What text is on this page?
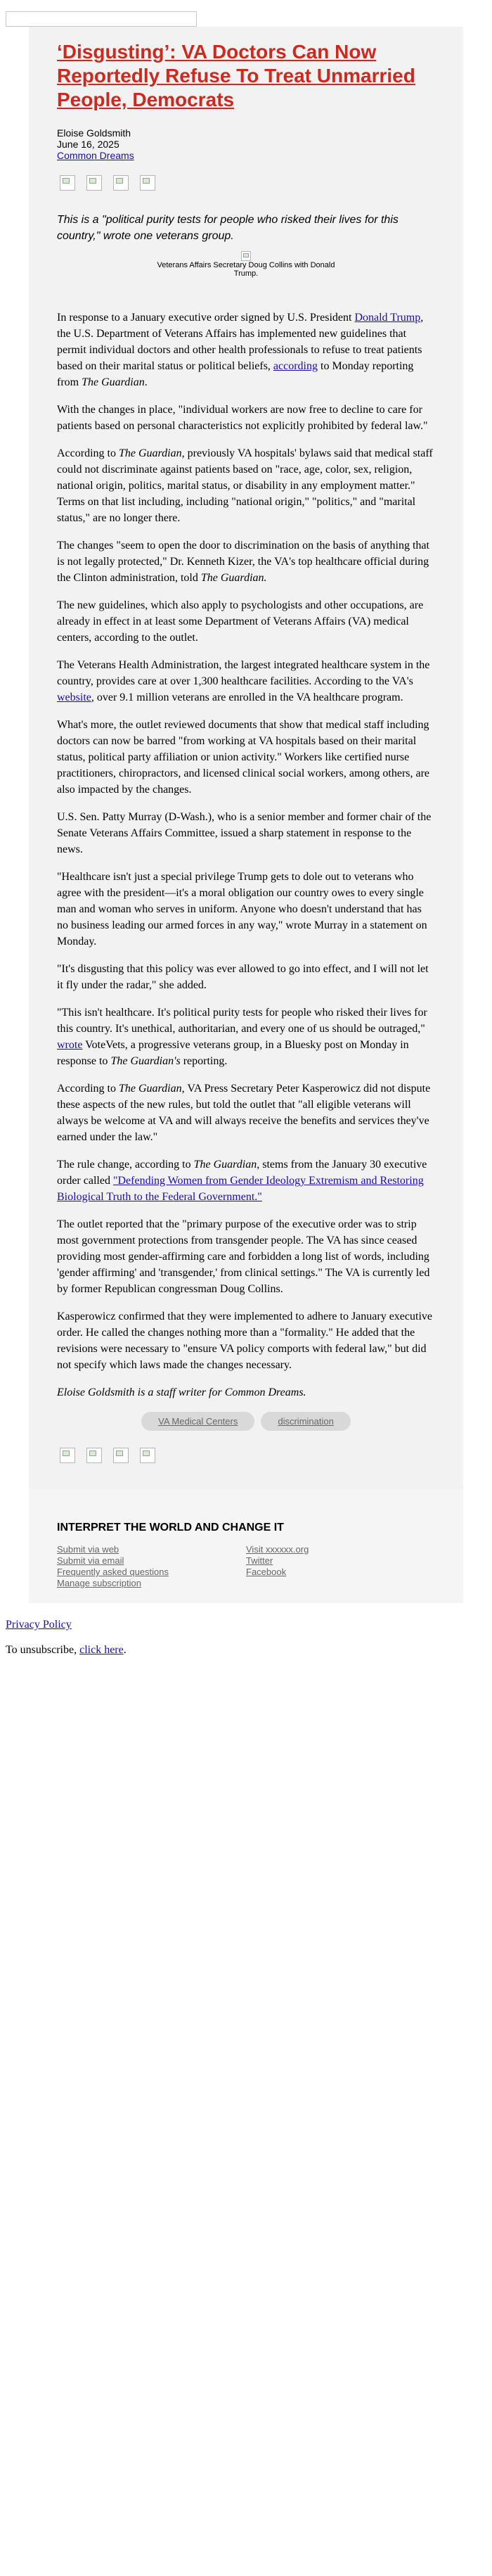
‘Disgusting’: VA Doctors Can Now Reportedly Refuse To Treat Unmarried People, Democrats
Eloise Goldsmith
June 16, 2025
Common Dreams

This is a "political purity tests for people who risked their lives for this country," wrote one veterans group.

Veterans Affairs Secretary Doug Collins with Donald Trump.

In response to a January executive order signed by U.S. President Donald Trump, the U.S. Department of Veterans Affairs has implemented new guidelines that permit individual doctors and other health professionals to refuse to treat patients based on their marital status or political beliefs, according to Monday reporting from The Guardian.

With the changes in place, "individual workers are now free to decline to care for patients based on personal characteristics not explicitly prohibited by federal law."

According to The Guardian, previously VA hospitals' bylaws said that medical staff could not discriminate against patients based on "race, age, color, sex, religion, national origin, politics, marital status, or disability in any employment matter." Terms on that list including, including "national origin," "politics," and "marital status," are no longer there.

The changes "seem to open the door to discrimination on the basis of anything that is not legally protected," Dr. Kenneth Kizer, the VA's top healthcare official during the Clinton administration, told The Guardian.

The new guidelines, which also apply to psychologists and other occupations, are already in effect in at least some Department of Veterans Affairs (VA) medical centers, according to the outlet.

The Veterans Health Administration, the largest integrated healthcare system in the country, provides care at over 1,300 healthcare facilities. According to the VA's website, over 9.1 million veterans are enrolled in the VA healthcare program.

What's more, the outlet reviewed documents that show that medical staff including doctors can now be barred "from working at VA hospitals based on their marital status, political party affiliation or union activity." Workers like certified nurse practitioners, chiropractors, and licensed clinical social workers, among others, are also impacted by the changes.

U.S. Sen. Patty Murray (D-Wash.), who is a senior member and former chair of the Senate Veterans Affairs Committee, issued a sharp statement in response to the news.

"Healthcare isn't just a special privilege Trump gets to dole out to veterans who agree with the president—it's a moral obligation our country owes to every single man and woman who serves in uniform. Anyone who doesn't understand that has no business leading our armed forces in any way," wrote Murray in a statement on Monday.

"It's disgusting that this policy was ever allowed to go into effect, and I will not let it fly under the radar," she added.

"This isn't healthcare. It's political purity tests for people who risked their lives for this country. It's unethical, authoritarian, and every one of us should be outraged," wrote VoteVets, a progressive veterans group, in a Bluesky post on Monday in response to The Guardian's reporting.

According to The Guardian, VA Press Secretary Peter Kasperowicz did not dispute these aspects of the new rules, but told the outlet that "all eligible veterans will always be welcome at VA and will always receive the benefits and services they've earned under the law."

The rule change, according to The Guardian, stems from the January 30 executive order called "Defending Women from Gender Ideology Extremism and Restoring Biological Truth to the Federal Government."

The outlet reported that the "primary purpose of the executive order was to strip most government protections from transgender people. The VA has since ceased providing most gender-affirming care and forbidden a long list of words, including 'gender affirming' and 'transgender,' from clinical settings." The VA is currently led by former Republican congressman Doug Collins.

Kasperowicz confirmed that they were implemented to adhere to January executive order. He called the changes nothing more than a "formality." He added that the revisions were necessary to "ensure VA policy comports with federal law," but did not specify which laws made the changes necessary.

Eloise Goldsmith is a staff writer for Common Dreams.

VA Medical Centers	discrimination
INTERPRET THE WORLD AND CHANGE IT
Submit via web
Submit via email
Frequently asked questions
Manage subscription
Visit xxxxxx.org
Twitter
Facebook

Privacy Policy

To unsubscribe, click here.
